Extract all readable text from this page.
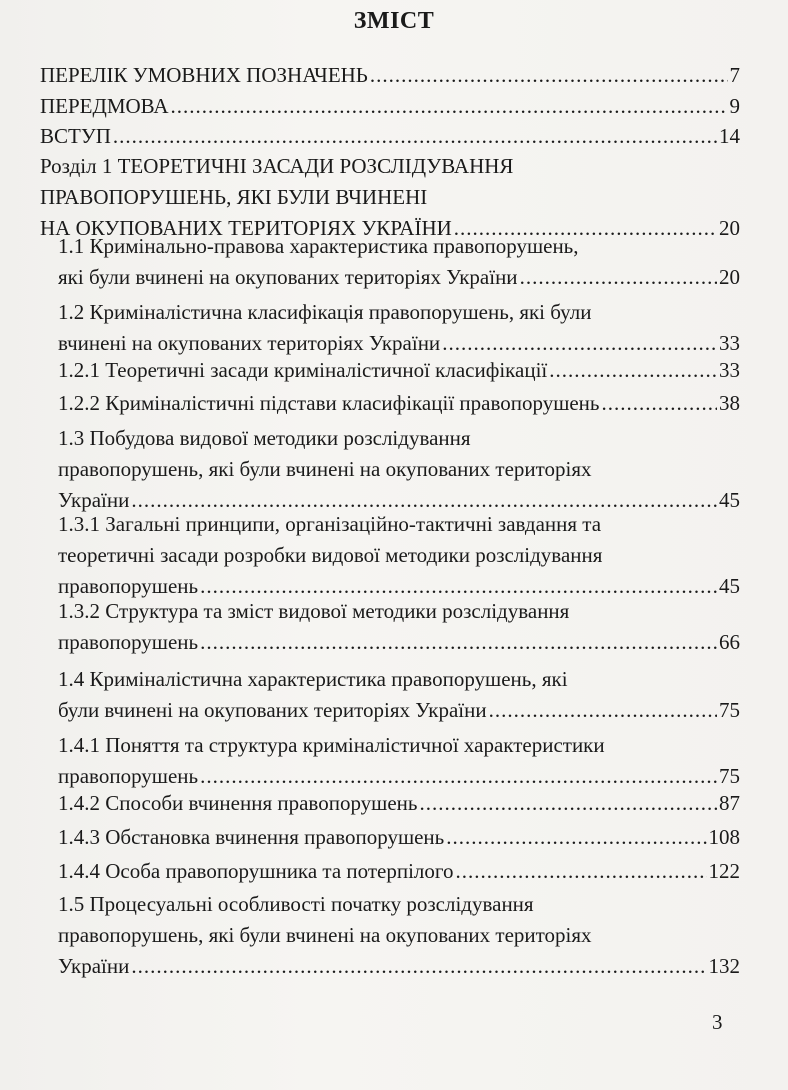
ЗМІСТ
ПЕРЕЛІК УМОВНИХ ПОЗНАЧЕНЬ .....	7
ПЕРЕДМОВА .....	9
ВСТУП .....	14
Розділ 1 ТЕОРЕТИЧНІ ЗАСАДИ РОЗСЛІДУВАННЯ
ПРАВОПОРУШЕНЬ, ЯКІ БУЛИ ВЧИНЕНІ
НА ОКУПОВАНИХ ТЕРИТОРІЯХ УКРАЇНИ .....	20
1.1 Кримінально-правова характеристика правопорушень,
які були вчинені на окупованих територіях України .....	20
1.2 Криміналістична класифікація правопорушень, які були
вчинені на окупованих територіях України .....	33
1.2.1 Теоретичні засади криміналістичної класифікації .....	33
1.2.2 Криміналістичні підстави класифікації правопорушень .....	38
1.3 Побудова видової методики розслідування
правопорушень, які були вчинені на окупованих територіях
України .....	45
1.3.1 Загальні принципи, організаційно-тактичні завдання та
теоретичні засади розробки видової методики розслідування
правопорушень .....	45
1.3.2 Структура та зміст видової методики розслідування
правопорушень .....	66
1.4 Криміналістична характеристика правопорушень, які
були вчинені на окупованих територіях України .....	75
1.4.1 Поняття та структура криміналістичної характеристики
правопорушень .....	75
1.4.2 Способи вчинення правопорушень .....	87
1.4.3 Обстановка вчинення правопорушень .....	108
1.4.4 Особа правопорушника та потерпілого .....	122
1.5 Процесуальні особливості початку розслідування
правопорушень, які були вчинені на окупованих територіях
України .....	132
3
